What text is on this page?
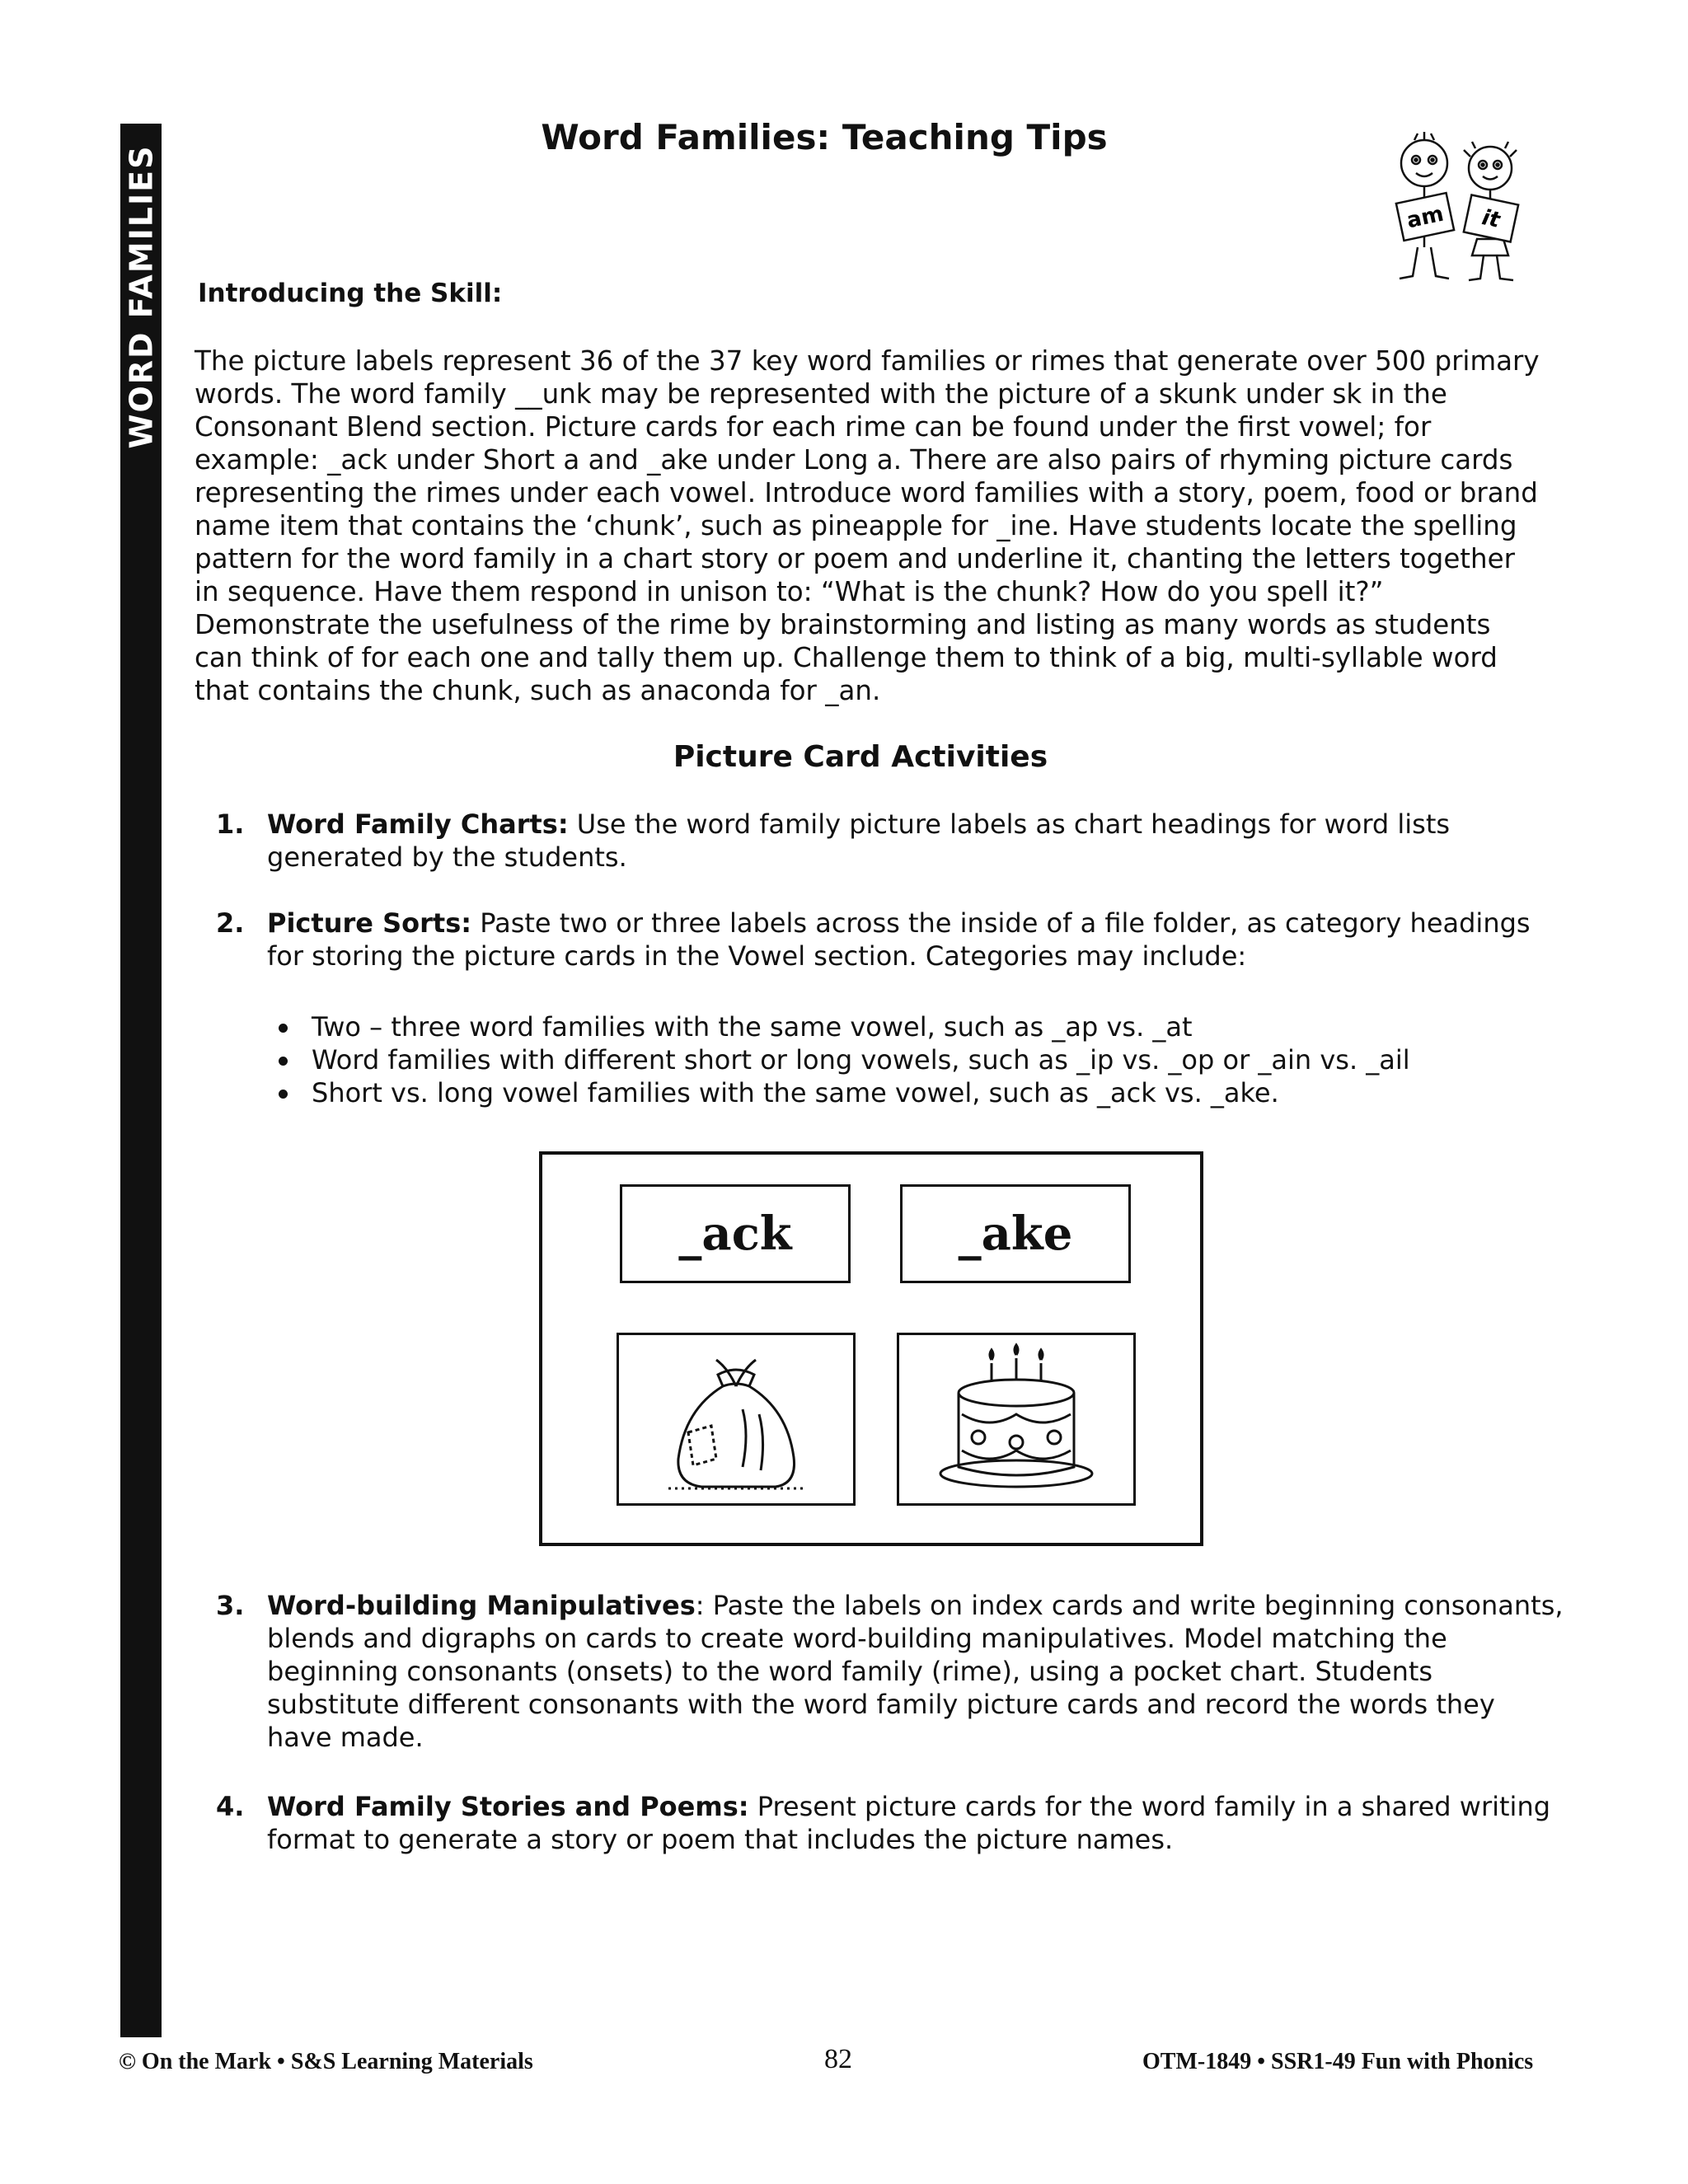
WORD FAMILIES
Word Families: Teaching Tips
am it
Introducing the Skill:

The picture labels represent 36 of the 37 key word families or rimes that generate over 500 primary words. The word family __unk may be represented with the picture of a skunk under sk in the Consonant Blend section. Picture cards for each rime can be found under the first vowel; for example: _ack under Short a and _ake under Long a. There are also pairs of rhyming picture cards representing the rimes under each vowel. Introduce word families with a story, poem, food or brand name item that contains the ‘chunk’, such as pineapple for _ine. Have students locate the spelling pattern for the word family in a chart story or poem and underline it, chanting the letters together in sequence. Have them respond in unison to: “What is the chunk? How do you spell it?” Demonstrate the usefulness of the rime by brainstorming and listing as many words as students can think of for each one and tally them up. Challenge them to think of a big, multi-syllable word that contains the chunk, such as anaconda for _an.

Picture Card Activities
1. Word Family Charts: Use the word family picture labels as chart headings for word lists generated by the students.
2. Picture Sorts: Paste two or three labels across the inside of a file folder, as category headings for storing the picture cards in the Vowel section. Categories may include:
Two – three word families with the same vowel, such as _ap vs. _at
Word families with different short or long vowels, such as _ip vs. _op or _ain vs. _ail
Short vs. long vowel families with the same vowel, such as _ack vs. _ake.
_ack	_ake
3. Word-building Manipulatives: Paste the labels on index cards and write beginning consonants, blends and digraphs on cards to create word-building manipulatives. Model matching the beginning consonants (onsets) to the word family (rime), using a pocket chart. Students substitute different consonants with the word family picture cards and record the words they have made.
4. Word Family Stories and Poems: Present picture cards for the word family in a shared writing format to generate a story or poem that includes the picture names.
© On the Mark • S&S Learning Materials	82	OTM-1849 • SSR1-49 Fun with Phonics
